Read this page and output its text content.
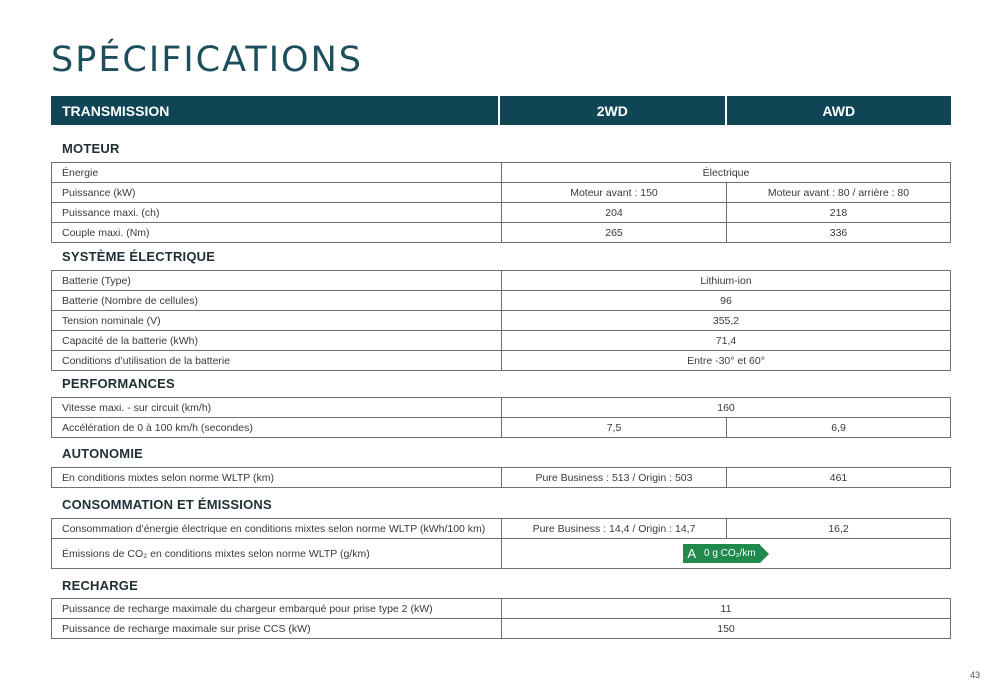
SPÉCIFICATIONS
TRANSMISSION	2WD	AWD
MOTEUR
Énergie	Électrique
Puissance (kW)	Moteur avant : 150	Moteur avant : 80 / arrière : 80
Puissance maxi. (ch)	204	218
Couple maxi. (Nm)	265	336
SYSTÈME ÉLECTRIQUE
Batterie (Type)	Lithium-ion
Batterie (Nombre de cellules)	96
Tension nominale (V)	355,2
Capacité de la batterie (kWh)	71,4
Conditions d’utilisation de la batterie	Entre -30° et 60°
PERFORMANCES
Vitesse maxi. - sur circuit (km/h)	160
Accélération de 0 à 100 km/h (secondes)	7,5	6,9
AUTONOMIE
En conditions mixtes selon norme WLTP (km)	Pure Business : 513 / Origin : 503	461
CONSOMMATION ET ÉMISSIONS
Consommation d’énergie électrique en conditions mixtes selon norme WLTP (kWh/100 km)	Pure Business : 14,4 / Origin : 14,7	16,2
Émissions de CO₂ en conditions mixtes selon norme WLTP (g/km)	A 0 g CO₂/km
RECHARGE
Puissance de recharge maximale du chargeur embarqué pour prise type 2 (kW)	11
Puissance de recharge maximale sur prise CCS (kW)	150
43
